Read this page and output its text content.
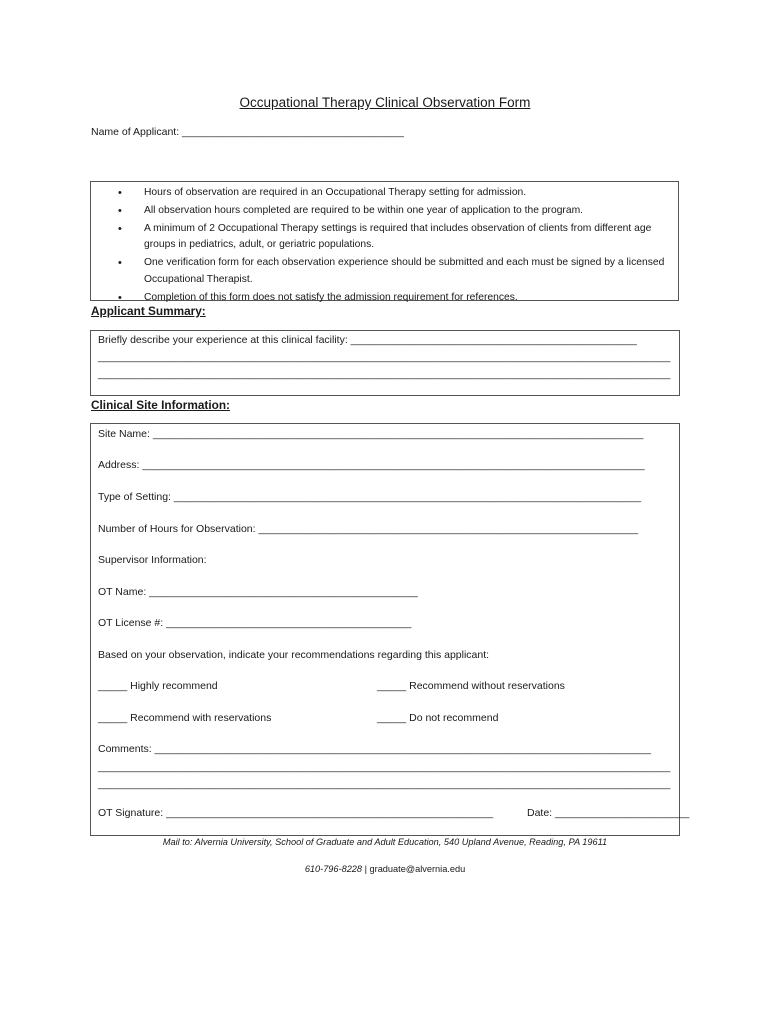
Occupational Therapy Clinical Observation Form
Name of Applicant: ______________________________________
• Hours of observation are required in an Occupational Therapy setting for admission.
• All observation hours completed are required to be within one year of application to the program.
• A minimum of 2 Occupational Therapy settings is required that includes observation of clients from different age groups in pediatrics, adult, or geriatric populations.
• One verification form for each observation experience should be submitted and each must be signed by a licensed Occupational Therapist.
• Completion of this form does not satisfy the admission requirement for references.
Applicant Summary:
Briefly describe your experience at this clinical facility: _________________________________________________
__________________________________________________________________________________________________
__________________________________________________________________________________________________
Clinical Site Information:
Site Name: ____________________________________________________________________________________
Address: ______________________________________________________________________________________
Type of Setting: ________________________________________________________________________________
Number of Hours for Observation: _________________________________________________________________
Supervisor Information:
OT Name: ______________________________________________
OT License #: __________________________________________
Based on your observation, indicate your recommendations regarding this applicant:
_____ Highly recommend	_____ Recommend without reservations
_____ Recommend with reservations	_____ Do not recommend
Comments: _____________________________________________________________________________________
__________________________________________________________________________________________________
__________________________________________________________________________________________________
OT Signature: ________________________________________________________	Date: _______________________
Mail to: Alvernia University, School of Graduate and Adult Education, 540 Upland Avenue, Reading, PA 19611
610-796-8228 | graduate@alvernia.edu
